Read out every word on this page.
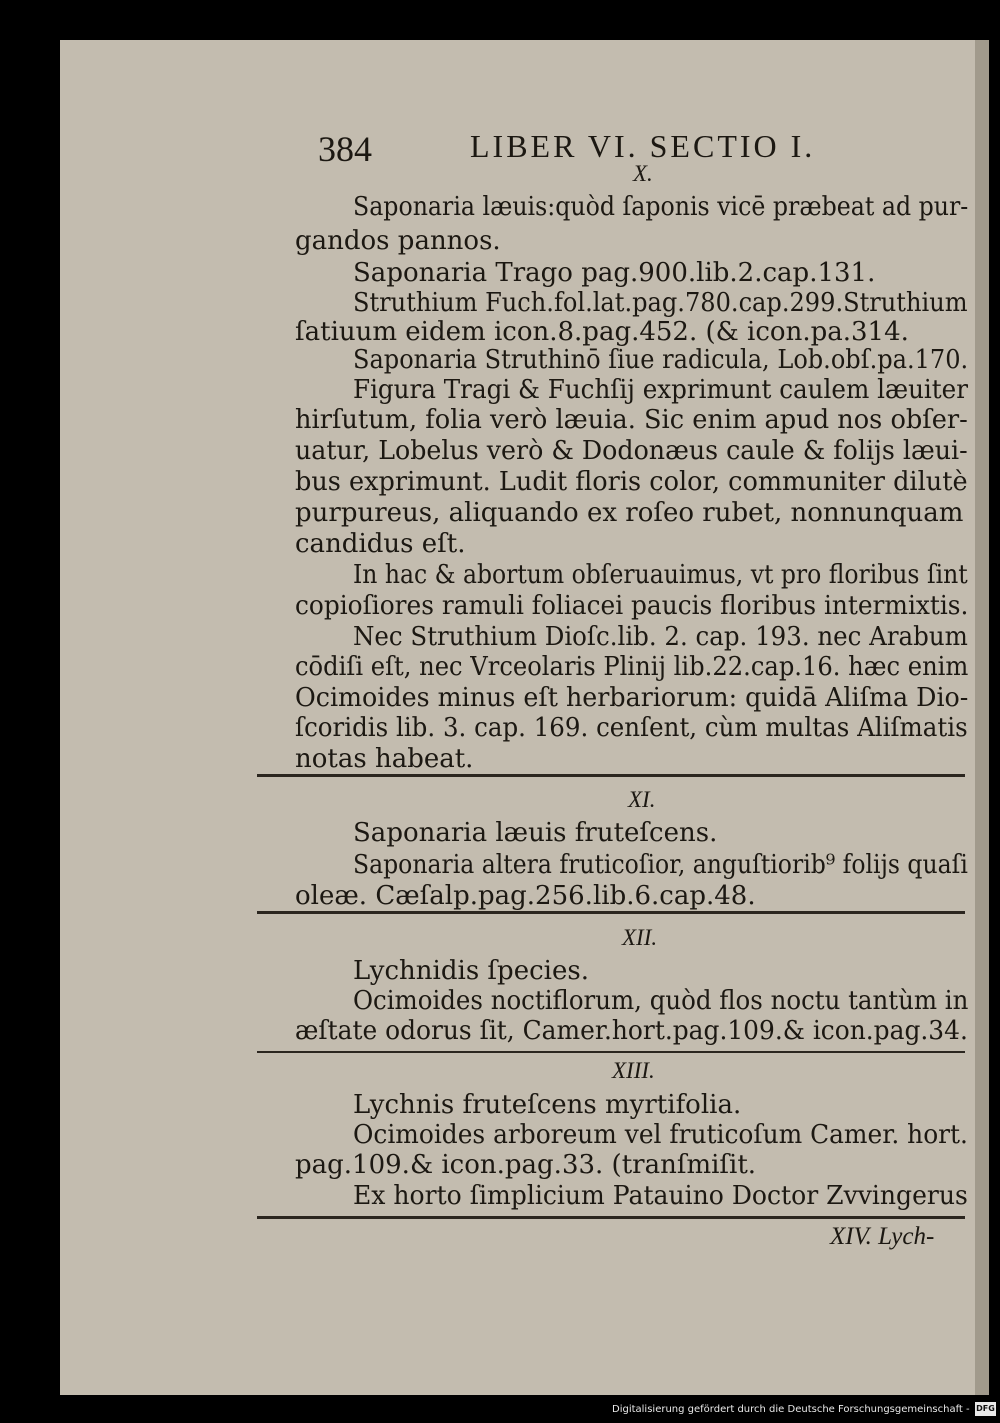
384	LIBER VI. SECTIO I.
X.
Saponaria læuis:quòd ſaponis vicē præbeat ad pur-
gandos pannos.
Saponaria Trago pag.900.lib.2.cap.131.
Struthium Fuch.fol.lat.pag.780.cap.299.Struthium
ſatiuum eidem icon.8.pag.452. (& icon.pa.314.
Saponaria Struthinō ſiue radicula, Lob.obſ.pa.170.
Figura Tragi & Fuchſij exprimunt caulem læuiter
hirſutum, folia verò læuia. Sic enim apud nos obſer-
uatur, Lobelus verò & Dodonæus caule & folijs læui-
bus exprimunt. Ludit floris color, communiter dilutè
purpureus, aliquando ex roſeo rubet, nonnunquam
candidus eſt.
In hac & abortum obſeruauimus, vt pro floribus ſint
copioſiores ramuli foliacei paucis floribus intermixtis.
Nec Struthium Dioſc.lib. 2. cap. 193. nec Arabum
cōdiſi eſt, nec Vrceolaris Plinij lib.22.cap.16. hæc enim
Ocimoides minus eſt herbariorum: quidā Aliſma Dio-
ſcoridis lib. 3. cap. 169. cenſent, cùm multas Aliſmatis
notas habeat.
XI.
Saponaria læuis fruteſcens.
Saponaria altera fruticoſior, anguſtiorib⁹ folijs quaſi
oleæ. Cæſalp.pag.256.lib.6.cap.48.
XII.
Lychnidis ſpecies.
Ocimoides noctiflorum, quòd flos noctu tantùm in
æſtate odorus ſit, Camer.hort.pag.109.& icon.pag.34.
XIII.
Lychnis fruteſcens myrtifolia.
Ocimoides arboreum vel fruticoſum Camer. hort.
pag.109.& icon.pag.33. (tranſmiſit.
Ex horto ſimplicium Patauino Doctor Zvvingerus
XIV. Lych-
Digitalisierung gefördert durch die Deutsche Forschungsgemeinschaft - DFG
